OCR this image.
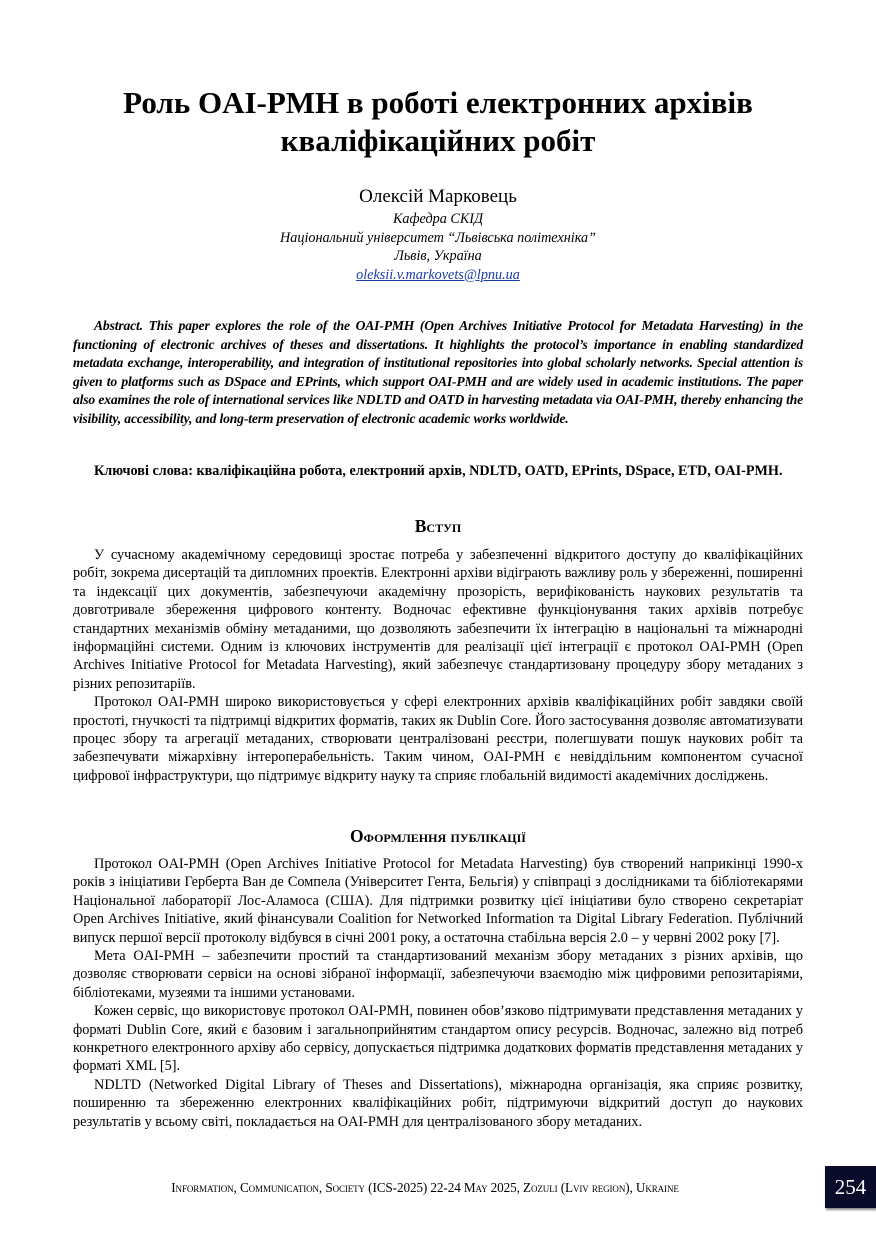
Роль OAI-PMH в роботі електронних архівів кваліфікаційних робіт
Олексій Марковець
Кафедра СКІД
Національний університет “Львівська політехніка”
Львів, Україна
oleksii.v.markovets@lpnu.ua
Abstract. This paper explores the role of the OAI-PMH (Open Archives Initiative Protocol for Metadata Harvesting) in the functioning of electronic archives of theses and dissertations. It highlights the protocol’s importance in enabling standardized metadata exchange, interoperability, and integration of institutional repositories into global scholarly networks. Special attention is given to platforms such as DSpace and EPrints, which support OAI-PMH and are widely used in academic institutions. The paper also examines the role of international services like NDLTD and OATD in harvesting metadata via OAI-PMH, thereby enhancing the visibility, accessibility, and long-term preservation of electronic academic works worldwide.
Ключові слова: кваліфікаційна робота, електроний архів, NDLTD, OATD, EPrints, DSpace, ETD, OAI-PMH.
Вступ

У сучасному академічному середовищі зростає потреба у забезпеченні відкритого доступу до кваліфікаційних робіт, зокрема дисертацій та дипломних проектів. Електронні архіви відіграють важливу роль у збереженні, поширенні та індексації цих документів, забезпечуючи академічну прозорість, верифікованість наукових результатів та довготривале збереження цифрового контенту. Водночас ефективне функціонування таких архівів потребує стандартних механізмів обміну метаданими, що дозволяють забезпечити їх інтеграцію в національні та міжнародні інформаційні системи. Одним із ключових інструментів для реалізації цієї інтеграції є протокол OAI-PMH (Open Archives Initiative Protocol for Metadata Harvesting), який забезпечує стандартизовану процедуру збору метаданих з різних репозитаріїв.

Протокол OAI-PMH широко використовується у сфері електронних архівів кваліфікаційних робіт завдяки своїй простоті, гнучкості та підтримці відкритих форматів, таких як Dublin Core. Його застосування дозволяє автоматизувати процес збору та агрегації метаданих, створювати централізовані реєстри, полегшувати пошук наукових робіт та забезпечувати міжархівну інтероперабельність. Таким чином, OAI-PMH є невіддільним компонентом сучасної цифрової інфраструктури, що підтримує відкриту науку та сприяє глобальній видимості академічних досліджень.

Оформлення публікації

Протокол OAI-PMH (Open Archives Initiative Protocol for Metadata Harvesting) був створений наприкінці 1990-х років з ініціативи Герберта Ван де Сомпела (Університет Гента, Бельгія) у співпраці з дослідниками та бібліотекарями Національної лабораторії Лос-Аламоса (США). Для підтримки розвитку цієї ініціативи було створено секретаріат Open Archives Initiative, який фінансували Coalition for Networked Information та Digital Library Federation. Публічний випуск першої версії протоколу відбувся в січні 2001 року, а остаточна стабільна версія 2.0 – у червні 2002 року [7].

Мета OAI-PMH – забезпечити простий та стандартизований механізм збору метаданих з різних архівів, що дозволяє створювати сервіси на основі зібраної інформації, забезпечуючи взаємодію між цифровими репозитаріями, бібліотеками, музеями та іншими установами.

Кожен сервіс, що використовує протокол OAI-PMH, повинен обов’язково підтримувати представлення метаданих у форматі Dublin Core, який є базовим і загальноприйнятим стандартом опису ресурсів. Водночас, залежно від потреб конкретного електронного архіву або сервісу, допускається підтримка додаткових форматів представлення метаданих у форматі XML [5].

NDLTD (Networked Digital Library of Theses and Dissertations), міжнародна організація, яка сприяє розвитку, поширенню та збереженню електронних кваліфікаційних робіт, підтримуючи відкритий доступ до наукових результатів у всьому світі, покладається на OAI-PMH для централізованого збору метаданих.

Information, Communication, Society (ICS-2025) 22-24 May 2025, Zozuli (Lviv region), Ukraine	254
